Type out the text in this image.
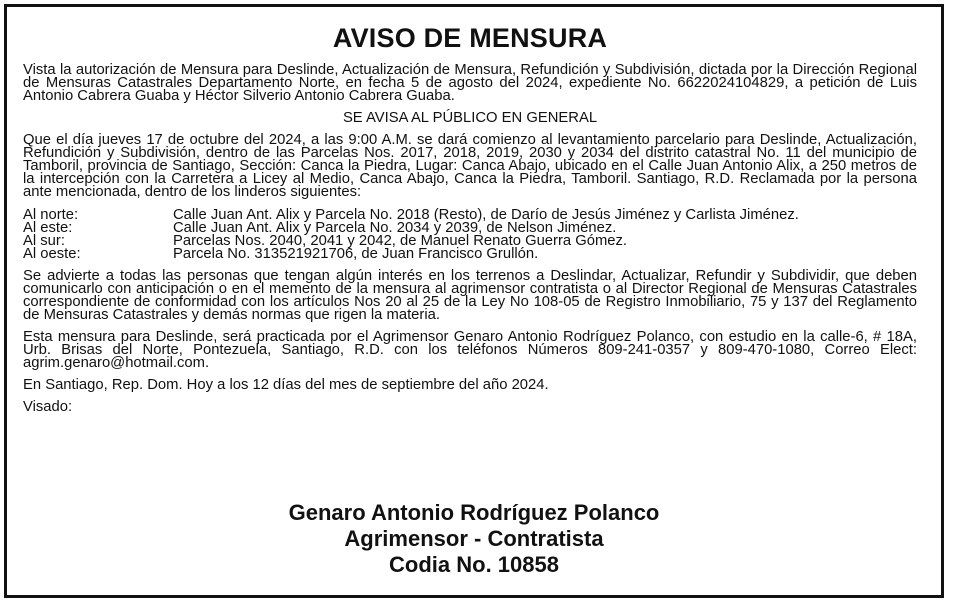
AVISO DE MENSURA

Vista la autorización de Mensura para Deslinde, Actualización de Mensura, Refundición y Subdivisión, dictada por la Dirección Regional de Mensuras Catastrales Departamento Norte, en fecha 5 de agosto del 2024, expediente No. 6622024104829, a petición de Luis Antonio Cabrera Guaba y Héctor Silverio Antonio Cabrera Guaba.

SE AVISA AL PÚBLICO EN GENERAL

Que el día jueves 17 de octubre del 2024, a las 9:00 A.M. se dará comienzo al levantamiento parcelario para Deslinde, Actualización, Refundición y Subdivisión, dentro de las Parcelas Nos. 2017, 2018, 2019, 2030 y 2034 del distrito catastral No. 11 del municipio de Tamboril, provincia de Santiago, Sección: Canca la Piedra, Lugar: Canca Abajo, ubicado en el Calle Juan Antonio Alix, a 250 metros de la intercepción con la Carretera a Licey al Medio, Canca Abajo, Canca la Piedra, Tamboril. Santiago, R.D. Reclamada por la persona ante mencionada, dentro de los linderos siguientes:

Al norte:	Calle Juan Ant. Alix y Parcela No. 2018 (Resto), de Darío de Jesús Jiménez y Carlista Jiménez.
Al este:	Calle Juan Ant. Alix y Parcela No. 2034 y 2039, de Nelson Jiménez.
Al sur:	Parcelas Nos. 2040, 2041 y 2042, de Manuel Renato Guerra Gómez.
Al oeste:	Parcela No. 313521921706, de Juan Francisco Grullón.

Se advierte a todas las personas que tengan algún interés en los terrenos a Deslindar, Actualizar, Refundir y Subdividir, que deben comunicarlo con anticipación o en el memento de la mensura al agrimensor contratista o al Director Regional de Mensuras Catastrales correspondiente de conformidad con los artículos Nos 20 al 25 de la Ley No 108-05 de Registro Inmobiliario, 75 y 137 del Reglamento de Mensuras Catastrales y demás normas que rigen la materia.

Esta mensura para Deslinde, será practicada por el Agrimensor Genaro Antonio Rodríguez Polanco, con estudio en la calle-6, # 18A, Urb. Brisas del Norte, Pontezuela, Santiago, R.D. con los teléfonos Números 809-241-0357 y 809-470-1080, Correo Elect: agrim.genaro@hotmail.com.

En Santiago, Rep. Dom. Hoy a los 12 días del mes de septiembre del año 2024.

Visado:

Genaro Antonio Rodríguez Polanco
Agrimensor - Contratista
Codia No. 10858
